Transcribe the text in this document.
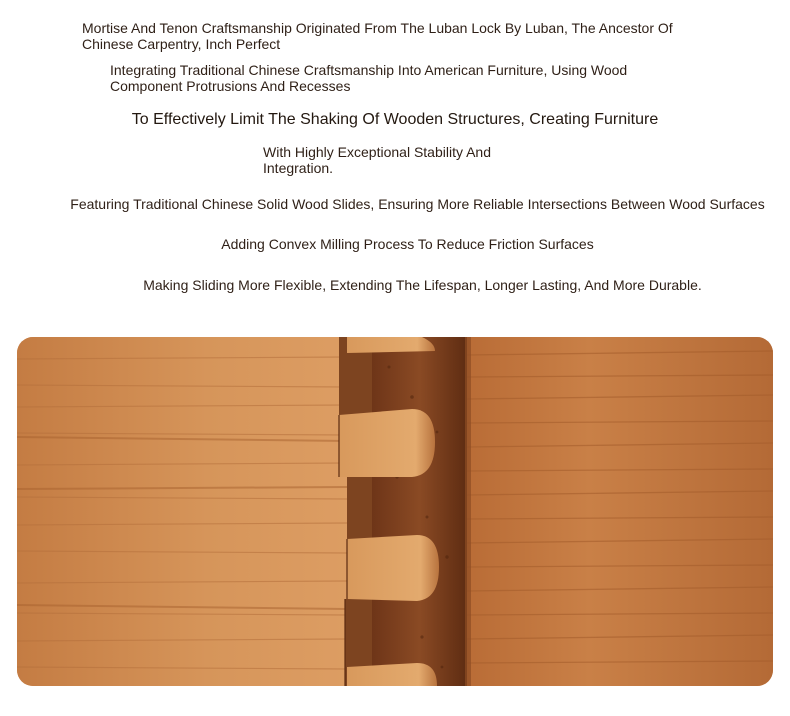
Mortise And Tenon Craftsmanship Originated From The Luban Lock By Luban, The Ancestor Of Chinese Carpentry, Inch Perfect
Integrating Traditional Chinese Craftsmanship Into American Furniture, Using Wood Component Protrusions And Recesses
To Effectively Limit The Shaking Of Wooden Structures, Creating Furniture
With Highly Exceptional Stability And Integration.
Featuring Traditional Chinese Solid Wood Slides, Ensuring More Reliable Intersections Between Wood Surfaces
Adding Convex Milling Process To Reduce Friction Surfaces
Making Sliding More Flexible, Extending The Lifespan, Longer Lasting, And More Durable.
